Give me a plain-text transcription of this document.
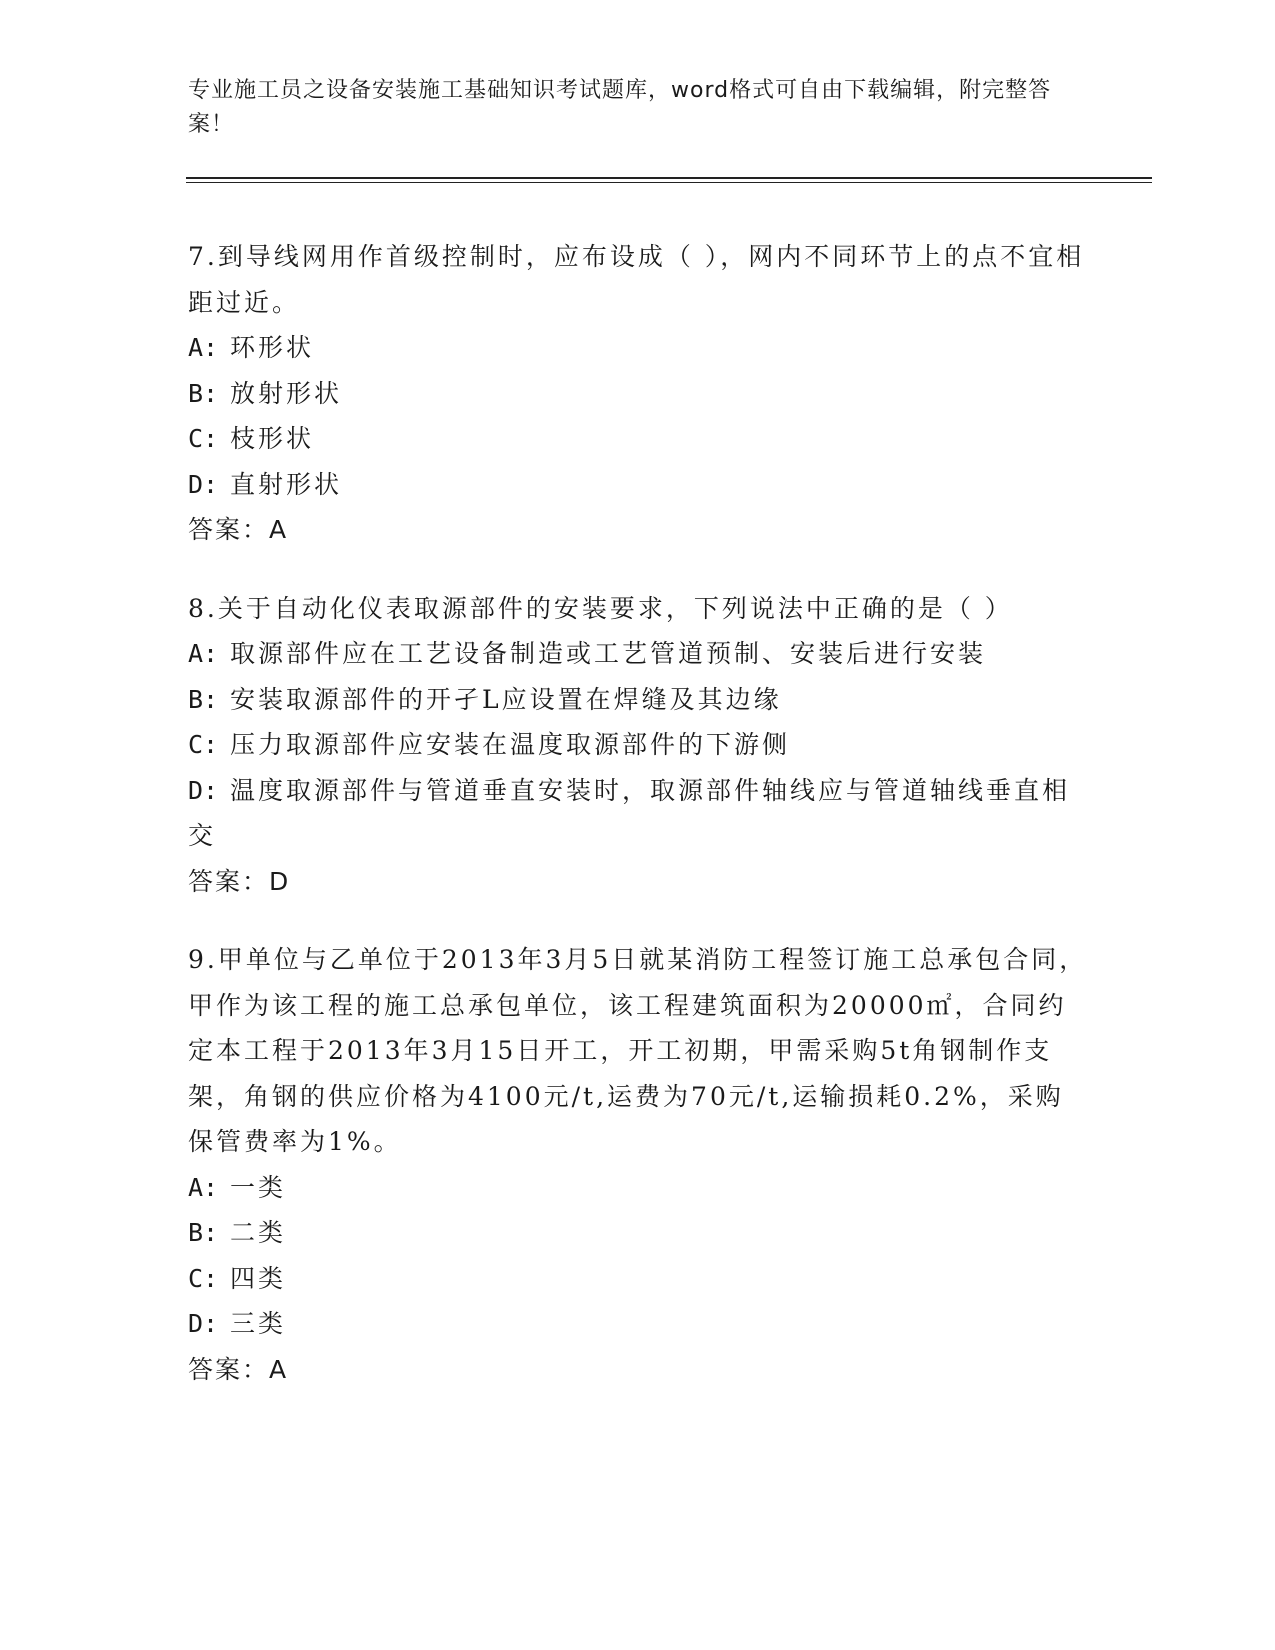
专业施工员之设备安装施工基础知识考试题库，word格式可自由下载编辑，附完整答案！

7.到导线网用作首级控制时，应布设成（ ），网内不同环节上的点不宜相距过近。

A: 环形状

B: 放射形状

C: 枝形状

D: 直射形状

答案：A

8.关于自动化仪表取源部件的安装要求，下列说法中正确的是（ ）

A: 取源部件应在工艺设备制造或工艺管道预制、安装后进行安装

B: 安装取源部件的开孑L应设置在焊缝及其边缘

C: 压力取源部件应安装在温度取源部件的下游侧

D: 温度取源部件与管道垂直安装时，取源部件轴线应与管道轴线垂直相交

答案：D

9.甲单位与乙单位于2013年3月5日就某消防工程签订施工总承包合同，甲作为该工程的施工总承包单位，该工程建筑面积为20000㎡，合同约定本工程于2013年3月15日开工，开工初期，甲需采购5t角钢制作支架，角钢的供应价格为4100元/t,运费为70元/t,运输损耗0.2%，采购保管费率为1%。

A: 一类

B: 二类

C: 四类

D: 三类

答案：A
